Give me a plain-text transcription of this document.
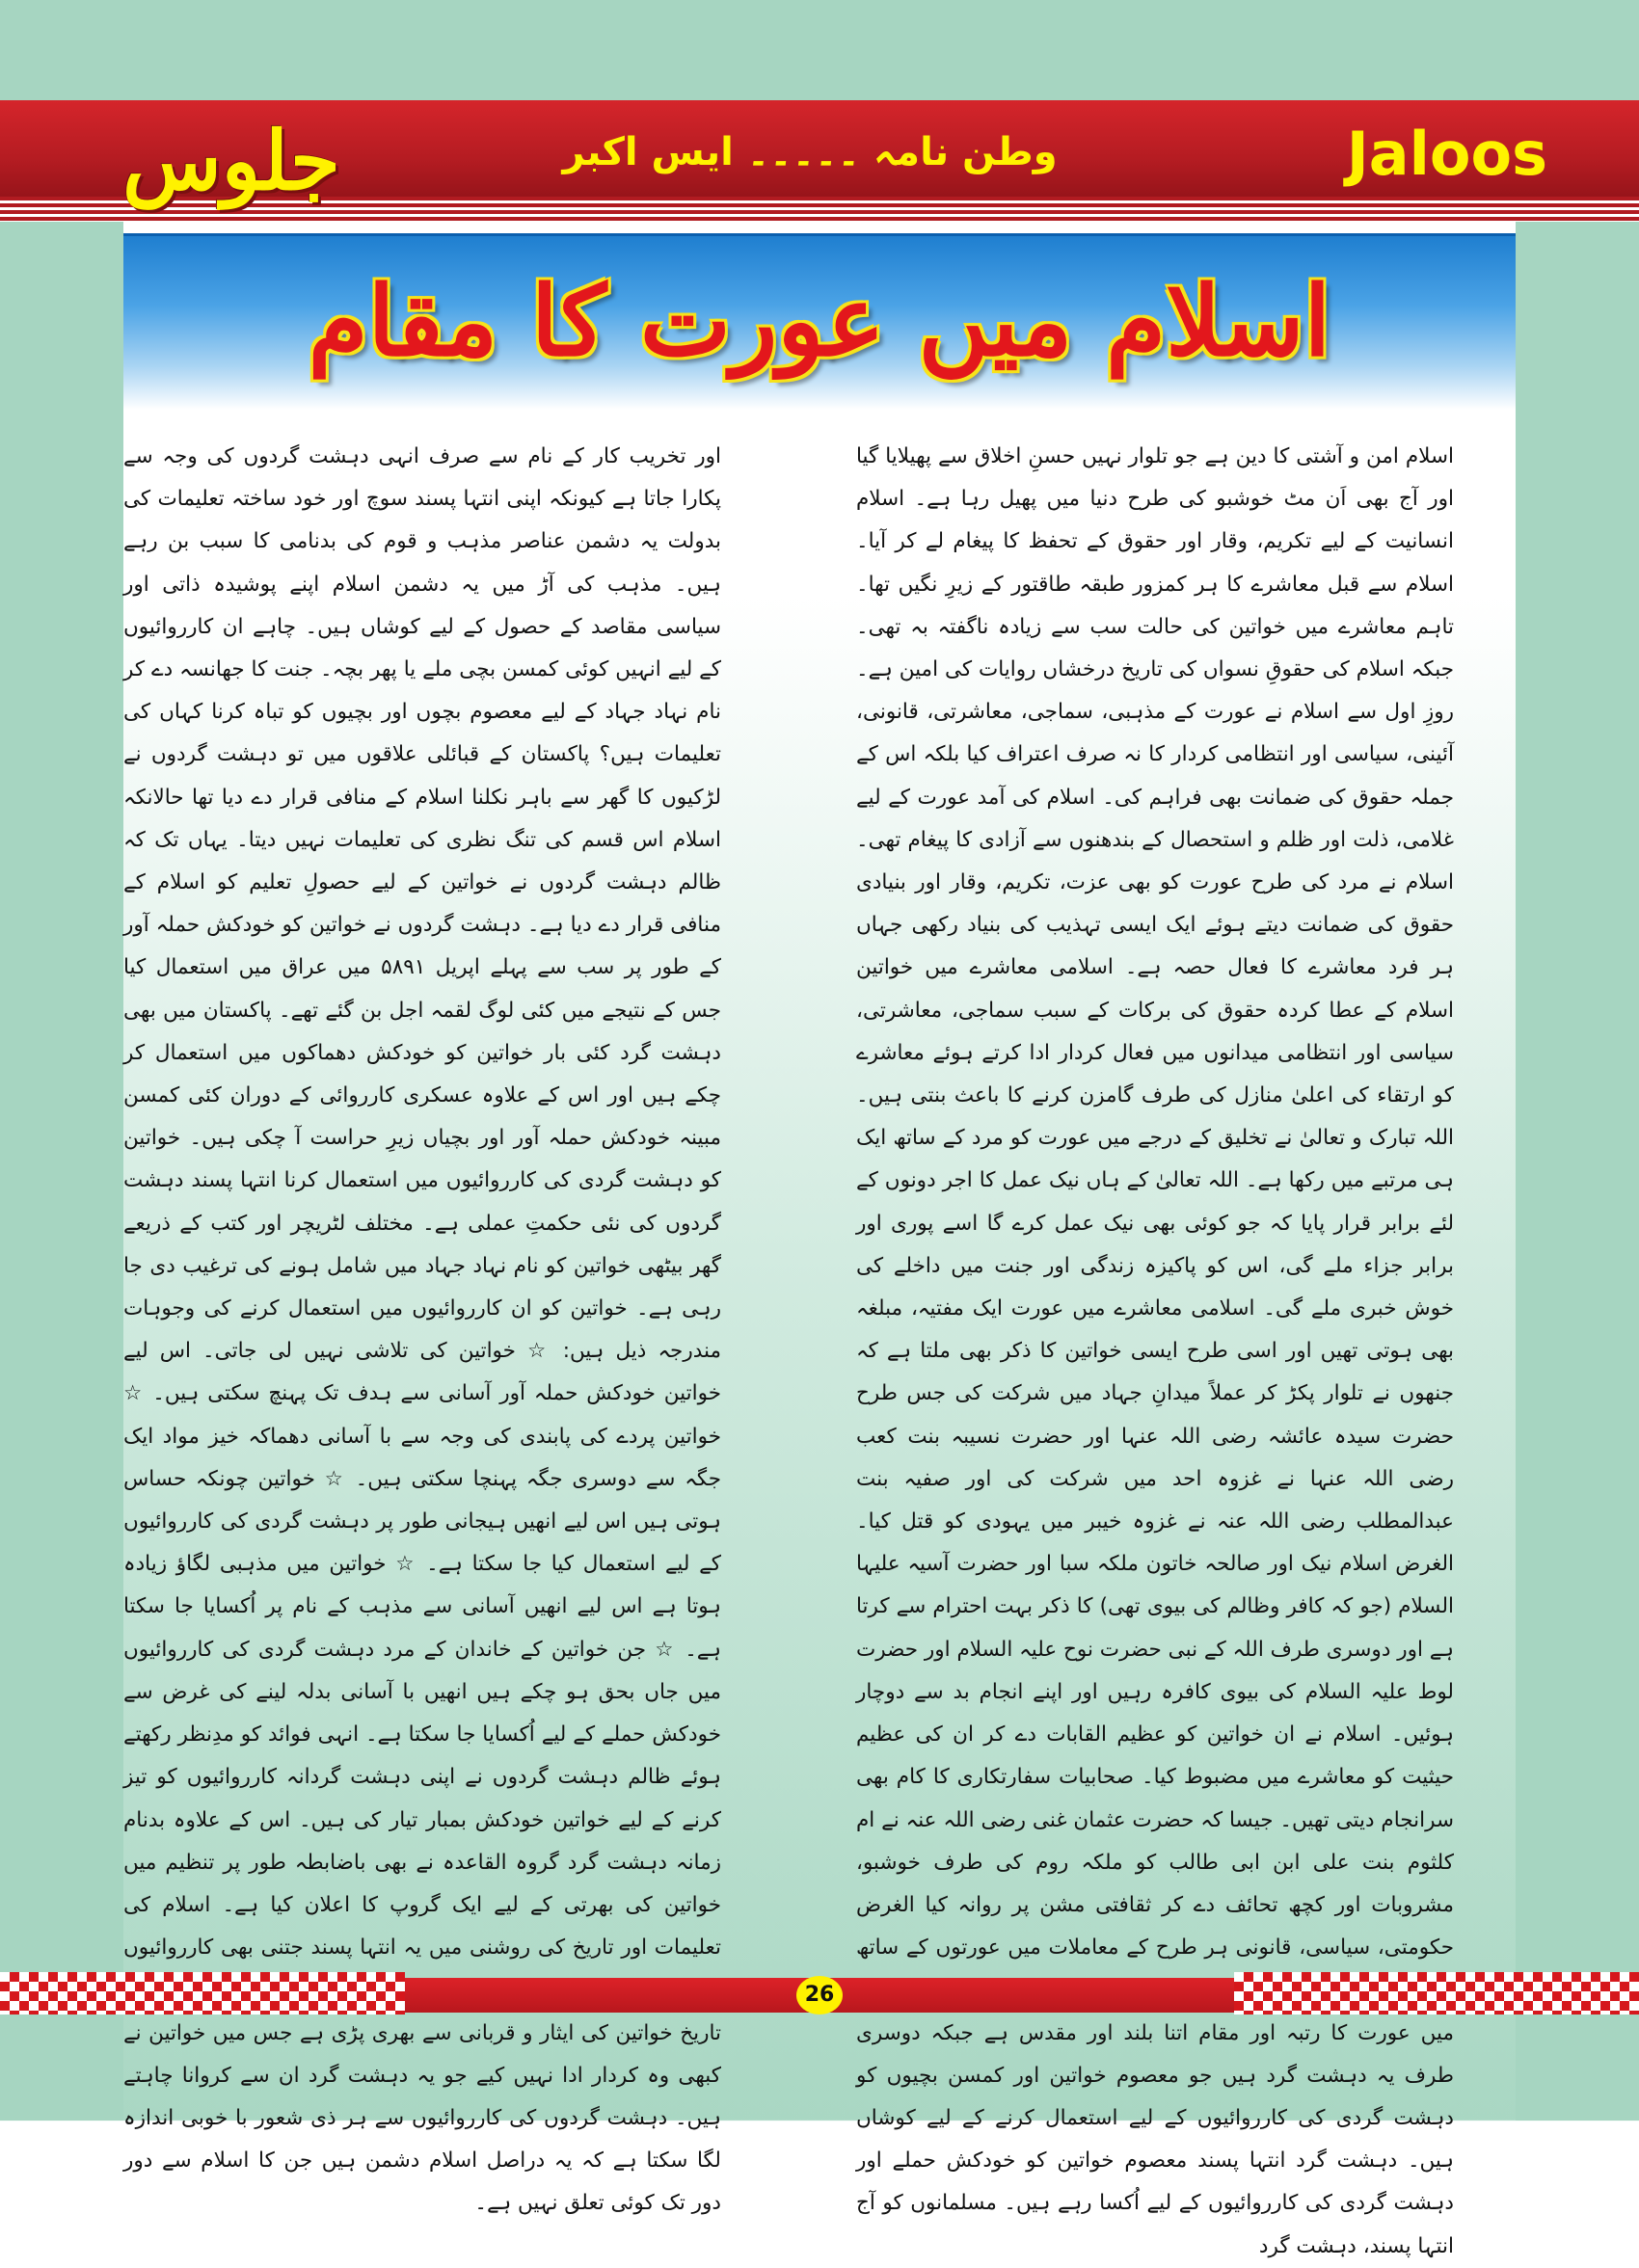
جلوس	وطن نامہ ۔۔۔۔۔ ایس اکبر	Jaloos
اسلام میں عورت کا مقام

اسلام امن و آشتی کا دین ہے جو تلوار نہیں حسنِ اخلاق سے پھیلایا گیا اور آج بھی اَن مٹ خوشبو کی طرح دنیا میں پھیل رہا ہے۔ اسلام انسانیت کے لیے تکریم، وقار اور حقوق کے تحفظ کا پیغام لے کر آیا۔ اسلام سے قبل معاشرے کا ہر کمزور طبقہ طاقتور کے زیرِ نگیں تھا۔ تاہم معاشرے میں خواتین کی حالت سب سے زیادہ ناگفتہ بہ تھی۔ جبکہ اسلام کی حقوقِ نسواں کی تاریخ درخشاں روایات کی امین ہے۔ روزِ اول سے اسلام نے عورت کے مذہبی، سماجی، معاشرتی، قانونی، آئینی، سیاسی اور انتظامی کردار کا نہ صرف اعتراف کیا بلکہ اس کے جملہ حقوق کی ضمانت بھی فراہم کی۔ اسلام کی آمد عورت کے لیے غلامی، ذلت اور ظلم و استحصال کے بندھنوں سے آزادی کا پیغام تھی۔ اسلام نے مرد کی طرح عورت کو بھی عزت، تکریم، وقار اور بنیادی حقوق کی ضمانت دیتے ہوئے ایک ایسی تہذیب کی بنیاد رکھی جہاں ہر فرد معاشرے کا فعال حصہ ہے۔ اسلامی معاشرے میں خواتین اسلام کے عطا کردہ حقوق کی برکات کے سبب سماجی، معاشرتی، سیاسی اور انتظامی میدانوں میں فعال کردار ادا کرتے ہوئے معاشرے کو ارتقاء کی اعلیٰ منازل کی طرف گامزن کرنے کا باعث بنتی ہیں۔ اللہ تبارک و تعالیٰ نے تخلیق کے درجے میں عورت کو مرد کے ساتھ ایک ہی مرتبے میں رکھا ہے۔ اللہ تعالیٰ کے ہاں نیک عمل کا اجر دونوں کے لئے برابر قرار پایا کہ جو کوئی بھی نیک عمل کرے گا اسے پوری اور برابر جزاء ملے گی، اس کو پاکیزہ زندگی اور جنت میں داخلے کی خوش خبری ملے گی۔ اسلامی معاشرے میں عورت ایک مفتیہ، مبلغہ بھی ہوتی تھیں اور اسی طرح ایسی خواتین کا ذکر بھی ملتا ہے کہ جنھوں نے تلوار پکڑ کر عملاً میدانِ جہاد میں شرکت کی جس طرح حضرت سیدہ عائشہ رضی اللہ عنہا اور حضرت نسیبہ بنت کعب رضی اللہ عنہا نے غزوہ احد میں شرکت کی اور صفیہ بنت عبدالمطلب رضی اللہ عنہ نے غزوہ خیبر میں یہودی کو قتل کیا۔ الغرض اسلام نیک اور صالحہ خاتون ملکہ سبا اور حضرت آسیہ علیہا السلام (جو کہ کافر وظالم کی بیوی تھی) کا ذکر بہت احترام سے کرتا ہے اور دوسری طرف اللہ کے نبی حضرت نوح علیہ السلام اور حضرت لوط علیہ السلام کی بیوی کافرہ رہیں اور اپنے انجام بد سے دوچار ہوئیں۔ اسلام نے ان خواتین کو عظیم القابات دے کر ان کی عظیم حیثیت کو معاشرے میں مضبوط کیا۔ صحابیات سفارتکاری کا کام بھی سرانجام دیتی تھیں۔ جیسا کہ حضرت عثمان غنی رضی اللہ عنہ نے ام کلثوم بنت علی ابن ابی طالب کو ملکہ روم کی طرف خوشبو، مشروبات اور کچھ تحائف دے کر ثقافتی مشن پر روانہ کیا الغرض حکومتی، سیاسی، قانونی ہر طرح کے معاملات میں عورتوں کے ساتھ میں عورت کا رتبہ اور مقام اتنا بلند اور مقدس ہے جبکہ دوسری طرف یہ دہشت گرد ہیں جو معصوم خواتین اور کمسن بچیوں کو دہشت گردی کی کارروائیوں کے لیے استعمال کرنے کے لیے کوشاں ہیں۔ دہشت گرد انتہا پسند معصوم خواتین کو خودکش حملے اور دہشت گردی کی کارروائیوں کے لیے اُکسا رہے ہیں۔ مسلمانوں کو آج انتہا پسند، دہشت گرد

اور تخریب کار کے نام سے صرف انہی دہشت گردوں کی وجہ سے پکارا جاتا ہے کیونکہ اپنی انتہا پسند سوچ اور خود ساختہ تعلیمات کی بدولت یہ دشمن عناصر مذہب و قوم کی بدنامی کا سبب بن رہے ہیں۔ مذہب کی آڑ میں یہ دشمن اسلام اپنے پوشیدہ ذاتی اور سیاسی مقاصد کے حصول کے لیے کوشاں ہیں۔ چاہے ان کارروائیوں کے لیے انہیں کوئی کمسن بچی ملے یا پھر بچہ۔ جنت کا جھانسہ دے کر نام نہاد جہاد کے لیے معصوم بچوں اور بچیوں کو تباہ کرنا کہاں کی تعلیمات ہیں؟ پاکستان کے قبائلی علاقوں میں تو دہشت گردوں نے لڑکیوں کا گھر سے باہر نکلنا اسلام کے منافی قرار دے دیا تھا حالانکہ اسلام اس قسم کی تنگ نظری کی تعلیمات نہیں دیتا۔ یہاں تک کہ ظالم دہشت گردوں نے خواتین کے لیے حصولِ تعلیم کو اسلام کے منافی قرار دے دیا ہے۔ دہشت گردوں نے خواتین کو خودکش حملہ آور کے طور پر سب سے پہلے اپریل ۵۸۹۱ میں عراق میں استعمال کیا جس کے نتیجے میں کئی لوگ لقمہ اجل بن گئے تھے۔ پاکستان میں بھی دہشت گرد کئی بار خواتین کو خودکش دھماکوں میں استعمال کر چکے ہیں اور اس کے علاوہ عسکری کارروائی کے دوران کئی کمسن مبینہ خودکش حملہ آور اور بچیاں زیرِ حراست آ چکی ہیں۔ خواتین کو دہشت گردی کی کارروائیوں میں استعمال کرنا انتہا پسند دہشت گردوں کی نئی حکمتِ عملی ہے۔ مختلف لٹریچر اور کتب کے ذریعے گھر بیٹھی خواتین کو نام نہاد جہاد میں شامل ہونے کی ترغیب دی جا رہی ہے۔ خواتین کو ان کارروائیوں میں استعمال کرنے کی وجوہات مندرجہ ذیل ہیں: ☆ خواتین کی تلاشی نہیں لی جاتی۔ اس لیے خواتین خودکش حملہ آور آسانی سے ہدف تک پہنچ سکتی ہیں۔ ☆ خواتین پردے کی پابندی کی وجہ سے با آسانی دھماکہ خیز مواد ایک جگہ سے دوسری جگہ پہنچا سکتی ہیں۔ ☆ خواتین چونکہ حساس ہوتی ہیں اس لیے انھیں ہیجانی طور پر دہشت گردی کی کارروائیوں کے لیے استعمال کیا جا سکتا ہے۔ ☆ خواتین میں مذہبی لگاؤ زیادہ ہوتا ہے اس لیے انھیں آسانی سے مذہب کے نام پر اُکسایا جا سکتا ہے۔ ☆ جن خواتین کے خاندان کے مرد دہشت گردی کی کارروائیوں میں جاں بحق ہو چکے ہیں انھیں با آسانی بدلہ لینے کی غرض سے خودکش حملے کے لیے اُکسایا جا سکتا ہے۔ انہی فوائد کو مدِنظر رکھتے ہوئے ظالم دہشت گردوں نے اپنی دہشت گردانہ کارروائیوں کو تیز کرنے کے لیے خواتین خودکش بمبار تیار کی ہیں۔ اس کے علاوہ بدنام زمانہ دہشت گرد گروہ القاعدہ نے بھی باضابطہ طور پر تنظیم میں خواتین کی بھرتی کے لیے ایک گروپ کا اعلان کیا ہے۔ اسلام کی تعلیمات اور تاریخ کی روشنی میں یہ انتہا پسند جتنی بھی کارروائیوں تاریخ خواتین کی ایثار و قربانی سے بھری پڑی ہے جس میں خواتین نے کبھی وہ کردار ادا نہیں کیے جو یہ دہشت گرد ان سے کروانا چاہتے ہیں۔ دہشت گردوں کی کارروائیوں سے ہر ذی شعور با خوبی اندازہ لگا سکتا ہے کہ یہ دراصل اسلام دشمن ہیں جن کا اسلام سے دور دور تک کوئی تعلق نہیں ہے۔

26
